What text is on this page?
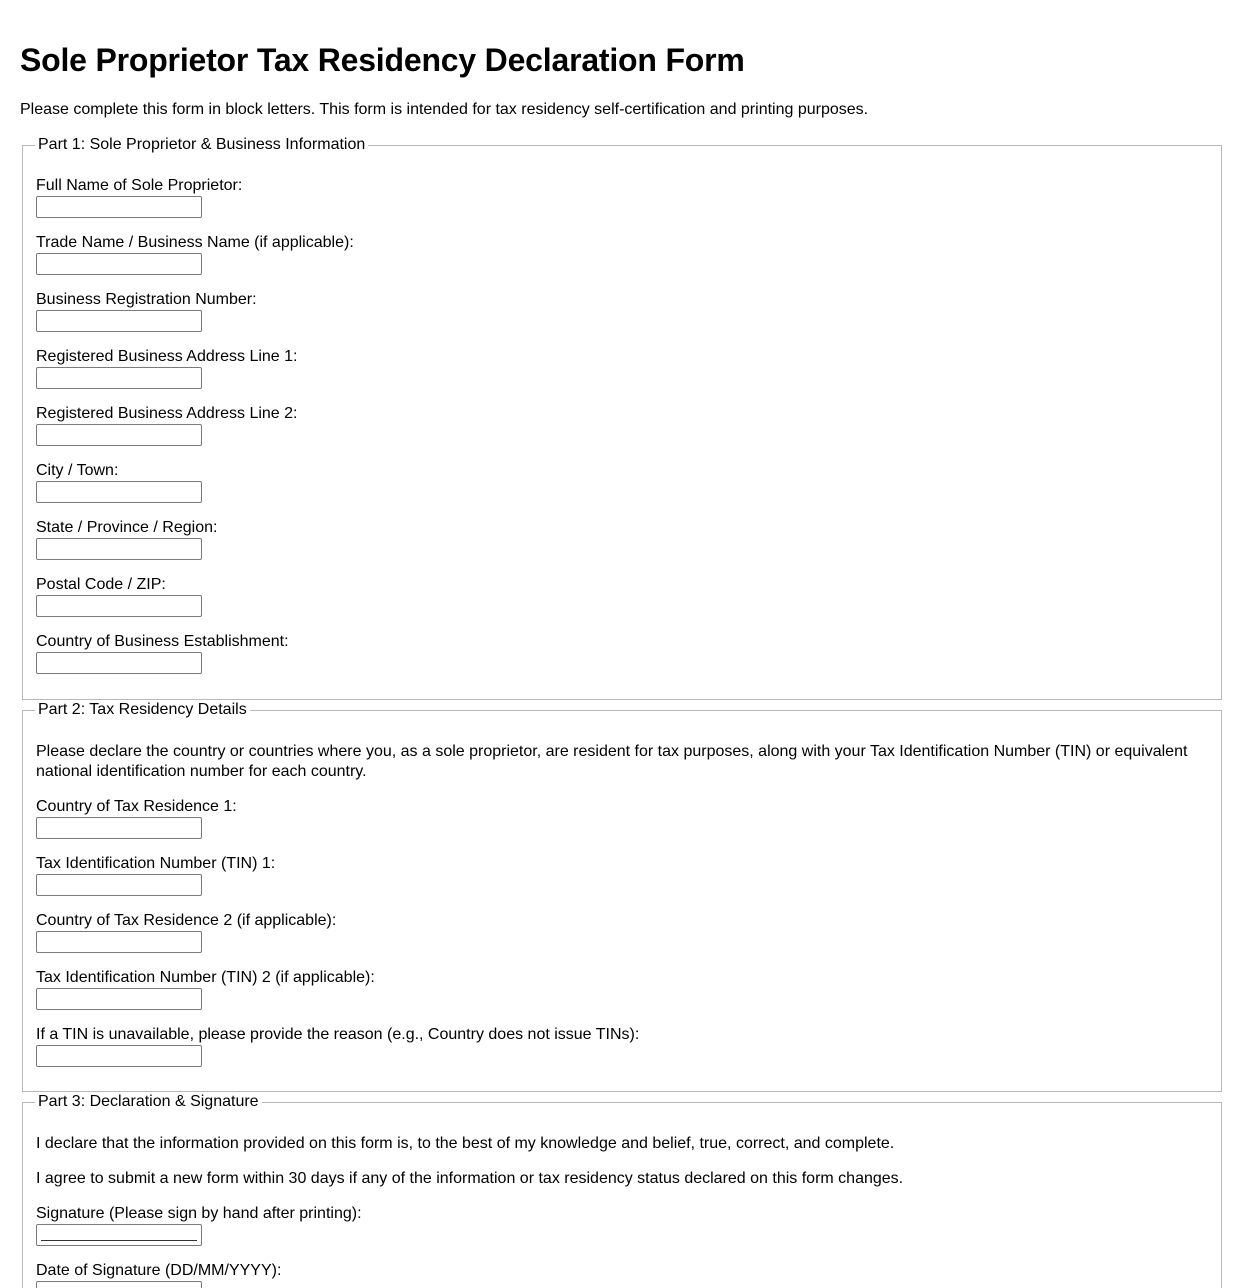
Sole Proprietor Tax Residency Declaration Form

Please complete this form in block letters. This form is intended for tax residency self-certification and printing purposes.

Part 1: Sole Proprietor & Business Information
Full Name of Sole Proprietor:
Trade Name / Business Name (if applicable):
Business Registration Number:
Registered Business Address Line 1:
Registered Business Address Line 2:
City / Town:
State / Province / Region:
Postal Code / ZIP:
Country of Business Establishment:
Part 2: Tax Residency Details

Please declare the country or countries where you, as a sole proprietor, are resident for tax purposes, along with your Tax Identification Number (TIN) or equivalent national identification number for each country.

Country of Tax Residence 1:
Tax Identification Number (TIN) 1:
Country of Tax Residence 2 (if applicable):
Tax Identification Number (TIN) 2 (if applicable):
If a TIN is unavailable, please provide the reason (e.g., Country does not issue TINs):
Part 3: Declaration & Signature

I declare that the information provided on this form is, to the best of my knowledge and belief, true, correct, and complete.

I agree to submit a new form within 30 days if any of the information or tax residency status declared on this form changes.

Signature (Please sign by hand after printing):
Date of Signature (DD/MM/YYYY):
